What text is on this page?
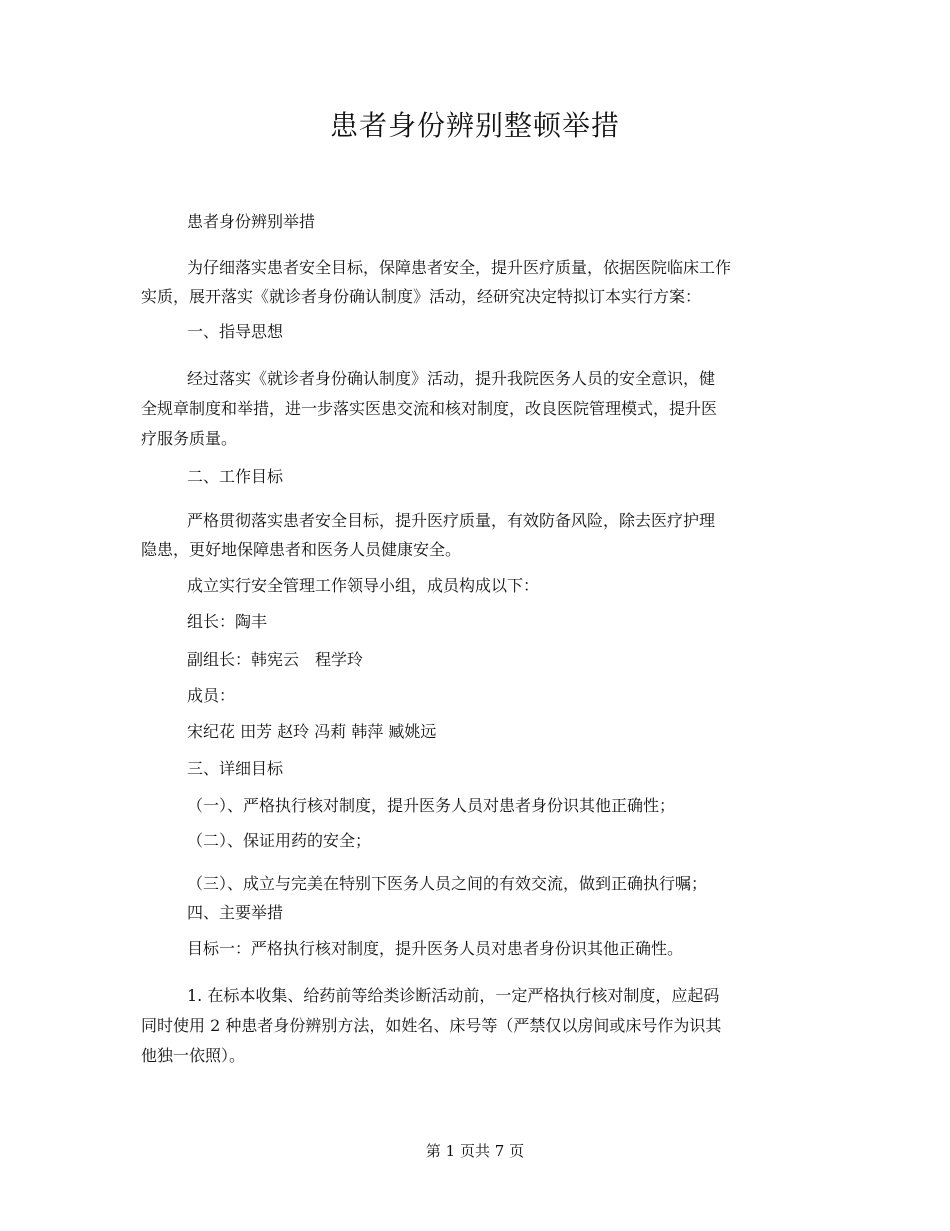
患者身份辨别整顿举措

患者身份辨别举措

为仔细落实患者安全目标，保障患者安全，提升医疗质量，依据医院临床工作

实质，展开落实《就诊者身份确认制度》活动，经研究决定特拟订本实行方案：

一、指导思想

经过落实《就诊者身份确认制度》活动，提升我院医务人员的安全意识，健

全规章制度和举措，进一步落实医患交流和核对制度，改良医院管理模式，提升医

疗服务质量。

二、工作目标

严格贯彻落实患者安全目标，提升医疗质量，有效防备风险，除去医疗护理

隐患，更好地保障患者和医务人员健康安全。

成立实行安全管理工作领导小组，成员构成以下：

组长：陶丰

副组长：韩宪云　程学玲

成员：

宋纪花 田芳 赵玲 冯莉 韩萍 臧姚远

三、详细目标

（一）、严格执行核对制度，提升医务人员对患者身份识其他正确性；

（二）、保证用药的安全；

（三）、成立与完美在特别下医务人员之间的有效交流，做到正确执行嘱；

四、主要举措

目标一：严格执行核对制度，提升医务人员对患者身份识其他正确性。

1. 在标本收集、给药前等给类诊断活动前，一定严格执行核对制度，应起码

同时使用 2 种患者身份辨别方法，如姓名、床号等（严禁仅以房间或床号作为识其

他独一依照）。

第 1 页共 7 页
